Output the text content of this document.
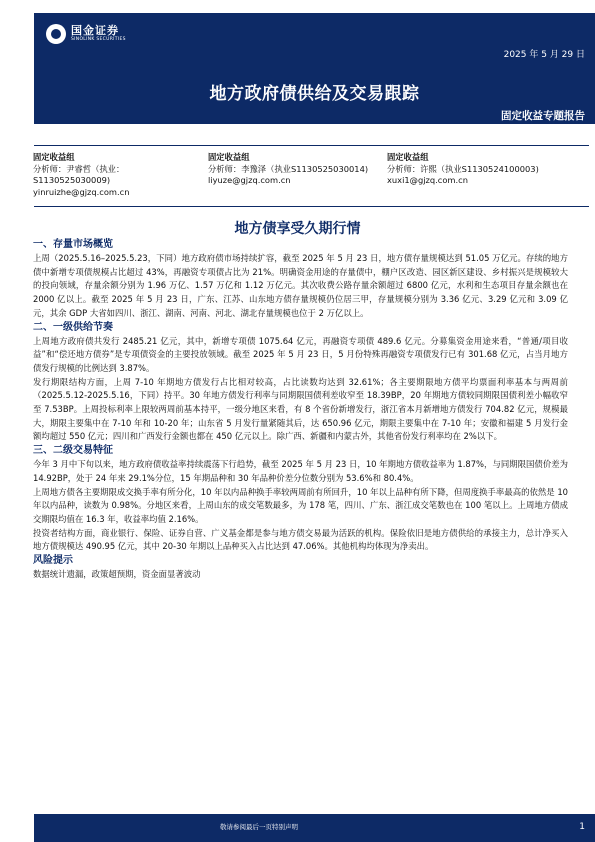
国金证券
SINOLINK SECURITIES
2025 年 5 月 29 日
地方政府债供给及交易跟踪
固定收益专题报告
证券研究报告
固定收益组
分析师：尹睿哲（执业：
S1130525030009)
yinruizhe@gjzq.com.cn
固定收益组
分析师：李豫泽（执业S1130525030014)
liyuze@gjzq.com.cn
固定收益组
分析师：许熙（执业S1130524100003)
xuxi1@gjzq.com.cn
地方债享受久期行情
一、存量市场概览

上周（2025.5.16–2025.5.23，下同）地方政府债市场持续扩容，截至 2025 年 5 月 23 日，地方债存量规模达到 51.05 万亿元。存续的地方债中新增专项债规模占比超过 43%，再融资专项债占比为 21%。明确资金用途的存量债中，棚户区改造、园区新区建设、乡村振兴是规模较大的投向领域，存量余额分别为 1.96 万亿、1.57 万亿和 1.12 万亿元。其次收费公路存量余额超过 6800 亿元，水利和生态项目存量余额也在 2000 亿以上。截至 2025 年 5 月 23 日，广东、江苏、山东地方债存量规模仍位居三甲，存量规模分别为 3.36 亿元、3.29 亿元和 3.09 亿元，其余 GDP 大省如四川、浙江、湖南、河南、河北、湖北存量规模也位于 2 万亿以上。

二、一级供给节奏

上周地方政府债共发行 2485.21 亿元，其中，新增专项债 1075.64 亿元，再融资专项债 489.6 亿元。分募集资金用途来看，“普通/项目收益”和“偿还地方债券”是专项债资金的主要投放领域。截至 2025 年 5 月 23 日，5 月份特殊再融资专项债发行已有 301.68 亿元，占当月地方债发行规模的比例达到 3.87%。

发行期限结构方面，上周 7-10 年期地方债发行占比相对较高，占比读数均达到 32.61%；各主要期限地方债平均票面利率基本与两周前（2025.5.12-2025.5.16，下同）持平。30 年地方债发行利率与同期限国债利差收窄至 18.39BP，20 年期地方债较同期限国债利差小幅收窄至 7.53BP。上周投标利率上限较两周前基本持平，一级分地区来看，有 8 个省份新增发行，浙江省本月新增地方债发行 704.82 亿元，规模最大，期限主要集中在 7-10 年和 10-20 年；山东省 5 月发行量紧随其后，达 650.96 亿元，期限主要集中在 7-10 年；安徽和福建 5 月发行金额均超过 550 亿元；四川和广西发行金额也都在 450 亿元以上。除广西、新疆和内蒙古外，其他省份发行利率均在 2%以下。

三、二级交易特征

今年 3 月中下旬以来，地方政府债收益率持续震荡下行趋势，截至 2025 年 5 月 23 日，10 年期地方债收益率为 1.87%，与同期限国债价差为 14.92BP，处于 24 年来 29.1%分位，15 年期品种和 30 年品种价差分位数分别为 53.6%和 80.4%。

上周地方债各主要期限成交换手率有所分化，10 年以内品种换手率较两周前有所回升，10 年以上品种有所下降，但周度换手率最高的依然是 10 年以内品种，读数为 0.98%。分地区来看，上周山东的成交笔数最多，为 178 笔，四川、广东、浙江成交笔数也在 100 笔以上。上周地方债成交期限均值在 16.3 年，收益率均值 2.16%。

投资者结构方面，商业银行、保险、证券自营、广义基金都是参与地方债交易最为活跃的机构。保险依旧是地方债供给的承接主力，总计净买入地方债规模达 490.95 亿元，其中 20-30 年期以上品种买入占比达到 47.06%。其他机构均体现为净卖出。

风险提示

数据统计遗漏，政策超预期，资金面显著波动

敬请参阅最后一页特别声明	1
